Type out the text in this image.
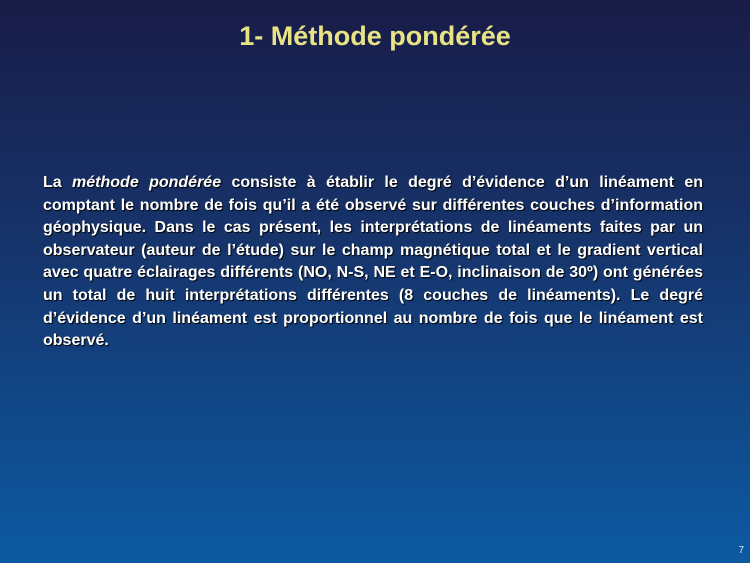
1- Méthode pondérée

La méthode pondérée consiste à établir le degré d’évidence d’un linéament en comptant le nombre de fois qu’il a été observé sur différentes couches d’information géophysique. Dans le cas présent, les interprétations de linéaments faites par un observateur (auteur de l’étude) sur le champ magnétique total et le gradient vertical avec quatre éclairages différents (NO, N-S, NE et E-O, inclinaison de 30º) ont générées un total de huit interprétations différentes (8 couches de linéaments). Le degré d’évidence d’un linéament est proportionnel au nombre de fois que le linéament est observé.

7
